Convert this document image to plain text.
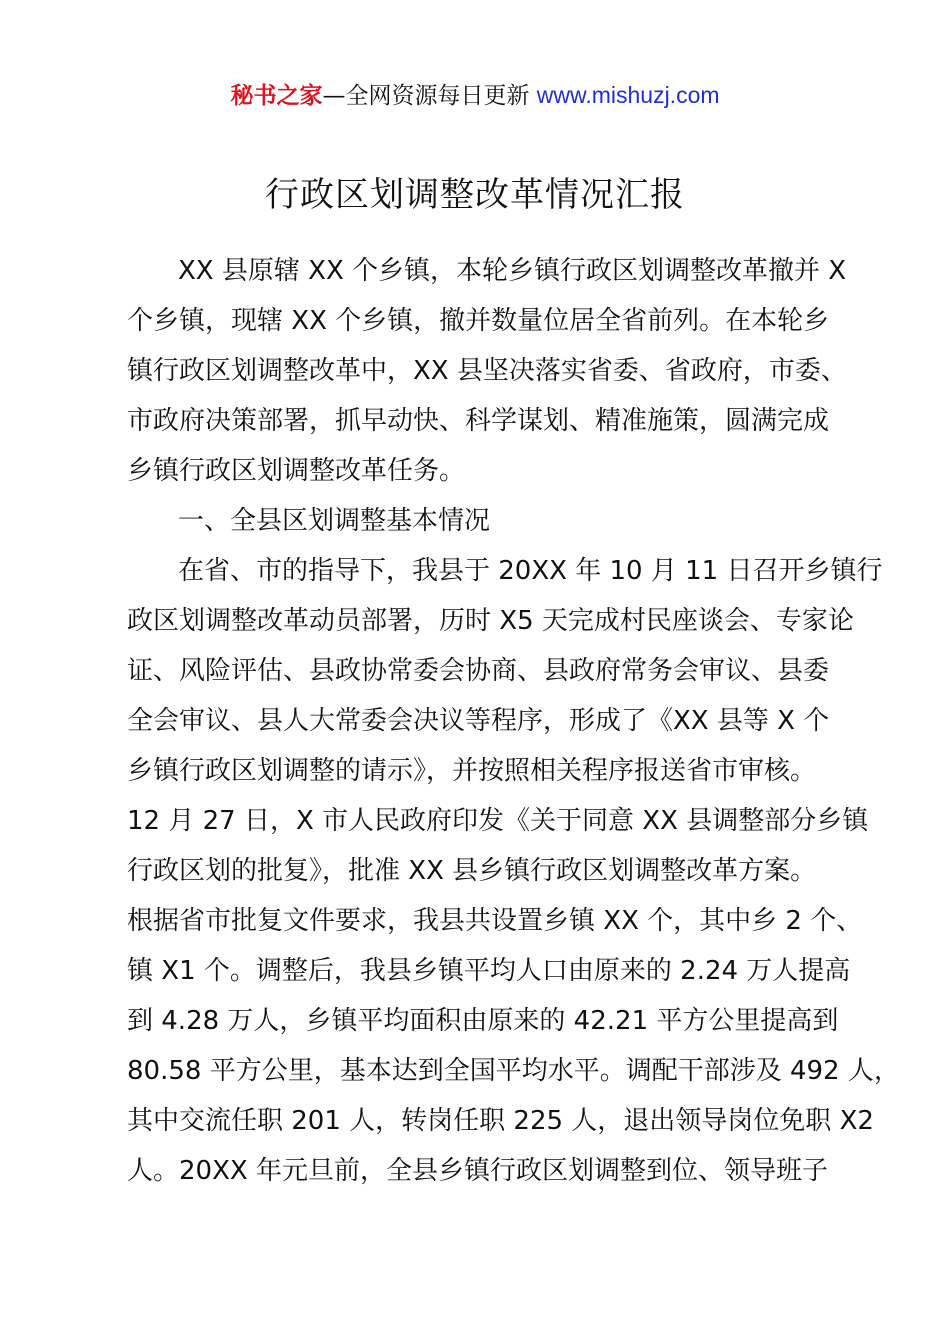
秘书之家—全网资源每日更新 www.mishuzj.com
行政区划调整改革情况汇报
XX 县原辖 XX 个乡镇，本轮乡镇行政区划调整改革撤并 X
个乡镇，现辖 XX 个乡镇，撤并数量位居全省前列。在本轮乡
镇行政区划调整改革中，XX 县坚决落实省委、省政府，市委、
市政府决策部署，抓早动快、科学谋划、精准施策，圆满完成
乡镇行政区划调整改革任务。
一、全县区划调整基本情况
在省、市的指导下，我县于 20XX 年 10 月 11 日召开乡镇行
政区划调整改革动员部署，历时 X5 天完成村民座谈会、专家论
证、风险评估、县政协常委会协商、县政府常务会审议、县委
全会审议、县人大常委会决议等程序，形成了《XX 县等 X 个
乡镇行政区划调整的请示》，并按照相关程序报送省市审核。
12 月 27 日，X 市人民政府印发《关于同意 XX 县调整部分乡镇
行政区划的批复》，批准 XX 县乡镇行政区划调整改革方案。
根据省市批复文件要求，我县共设置乡镇 XX 个，其中乡 2 个、
镇 X1 个。调整后，我县乡镇平均人口由原来的 2.24 万人提高
到 4.28 万人，乡镇平均面积由原来的 42.21 平方公里提高到
80.58 平方公里，基本达到全国平均水平。调配干部涉及 492 人，
其中交流任职 201 人，转岗任职 225 人，退出领导岗位免职 X2
人。20XX 年元旦前，全县乡镇行政区划调整到位、领导班子
